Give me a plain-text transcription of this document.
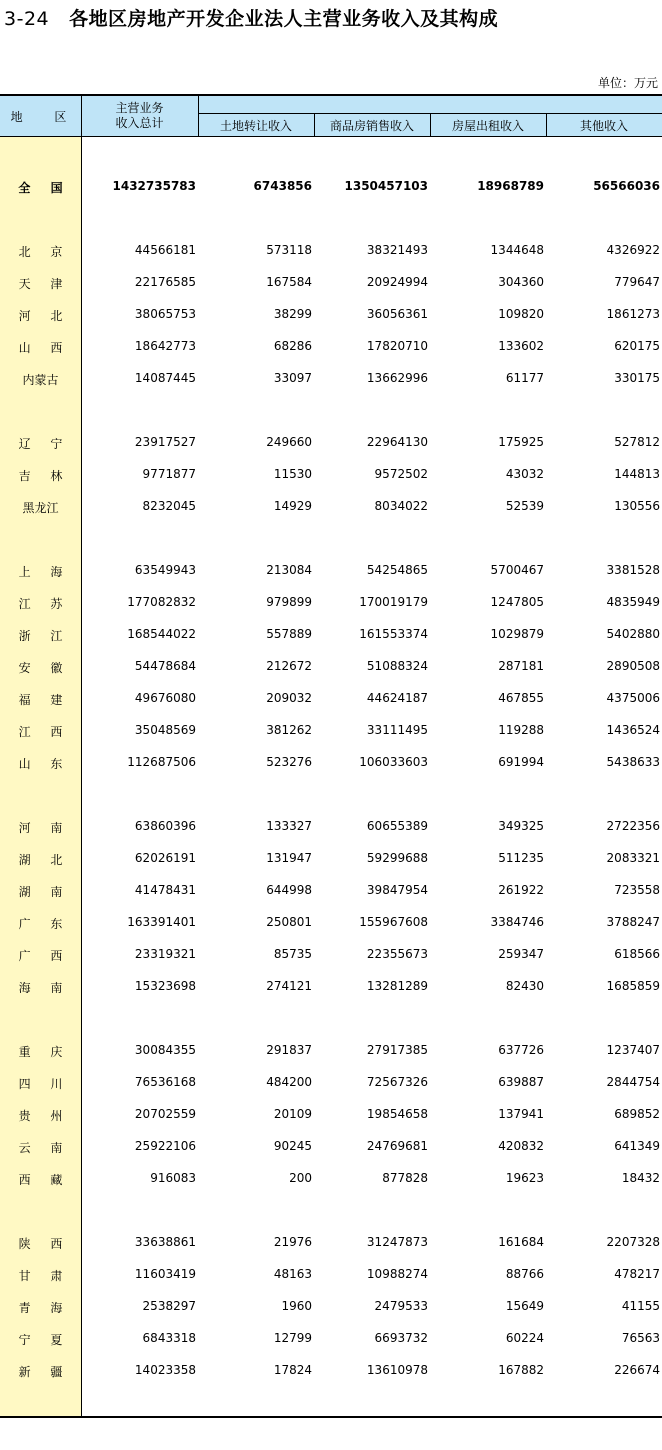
3-24 各地区房地产开发企业法人主营业务收入及其构成
单位：万元
地 区
主营业务
收入总计	土地转让收入	商品房销售收入	房屋出租收入	其他收入
全 国	1432735783	6743856	1350457103	18968789	56566036
北 京	44566181	573118	38321493	1344648	4326922
天 津	22176585	167584	20924994	304360	779647
河 北	38065753	38299	36056361	109820	1861273
山 西	18642773	68286	17820710	133602	620175
内蒙古	14087445	33097	13662996	61177	330175
辽 宁	23917527	249660	22964130	175925	527812
吉 林	9771877	11530	9572502	43032	144813
黑龙江	8232045	14929	8034022	52539	130556
上 海	63549943	213084	54254865	5700467	3381528
江 苏	177082832	979899	170019179	1247805	4835949
浙 江	168544022	557889	161553374	1029879	5402880
安 徽	54478684	212672	51088324	287181	2890508
福 建	49676080	209032	44624187	467855	4375006
江 西	35048569	381262	33111495	119288	1436524
山 东	112687506	523276	106033603	691994	5438633
河 南	63860396	133327	60655389	349325	2722356
湖 北	62026191	131947	59299688	511235	2083321
湖 南	41478431	644998	39847954	261922	723558
广 东	163391401	250801	155967608	3384746	3788247
广 西	23319321	85735	22355673	259347	618566
海 南	15323698	274121	13281289	82430	1685859
重 庆	30084355	291837	27917385	637726	1237407
四 川	76536168	484200	72567326	639887	2844754
贵 州	20702559	20109	19854658	137941	689852
云 南	25922106	90245	24769681	420832	641349
西 藏	916083	200	877828	19623	18432
陕 西	33638861	21976	31247873	161684	2207328
甘 肃	11603419	48163	10988274	88766	478217
青 海	2538297	1960	2479533	15649	41155
宁 夏	6843318	12799	6693732	60224	76563
新 疆	14023358	17824	13610978	167882	226674
